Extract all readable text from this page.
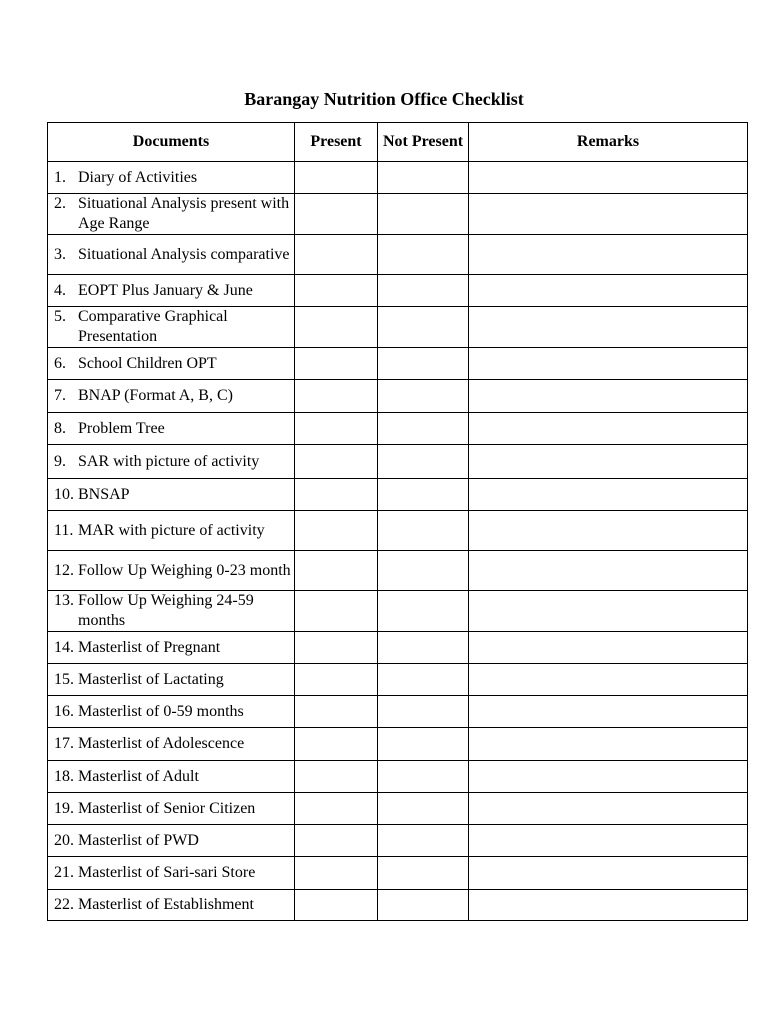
Barangay Nutrition Office Checklist
Documents	Present	Not Present	Remarks

1. Diary of Activities			

2. Situational Analysis present with Age Range			

3. Situational Analysis comparative			

4. EOPT Plus January & June			

5. Comparative Graphical Presentation			

6. School Children OPT			

7. BNAP (Format A, B, C)			

8. Problem Tree			

9. SAR with picture of activity			

10. BNSAP			

11. MAR with picture of activity			

12. Follow Up Weighing 0-23 month			

13. Follow Up Weighing 24-59 months			

14. Masterlist of Pregnant			

15. Masterlist of Lactating			

16. Masterlist of 0-59 months			

17. Masterlist of Adolescence			

18. Masterlist of Adult			

19. Masterlist of Senior Citizen			

20. Masterlist of PWD			

21. Masterlist of Sari-sari Store			

22. Masterlist of Establishment			
